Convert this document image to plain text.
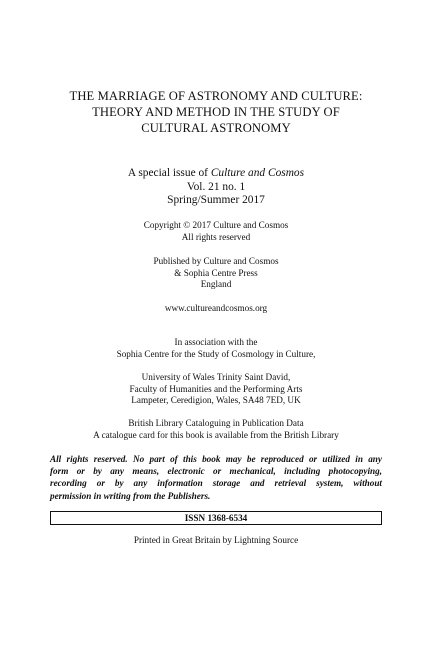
THE MARRIAGE OF ASTRONOMY AND CULTURE:
THEORY AND METHOD IN THE STUDY OF
CULTURAL ASTRONOMY
A special issue of Culture and Cosmos
Vol. 21 no. 1
Spring/Summer 2017
Copyright © 2017 Culture and Cosmos
All rights reserved
Published by Culture and Cosmos
& Sophia Centre Press
England
www.cultureandcosmos.org
In association with the
Sophia Centre for the Study of Cosmology in Culture,
University of Wales Trinity Saint David,
Faculty of Humanities and the Performing Arts
Lampeter, Ceredigion, Wales, SA48 7ED, UK
British Library Cataloguing in Publication Data
A catalogue card for this book is available from the British Library
All rights reserved. No part of this book may be reproduced or utilized in any
form or by any means, electronic or mechanical, including photocopying,
recording or by any information storage and retrieval system, without
permission in writing from the Publishers.
ISSN 1368-6534
Printed in Great Britain by Lightning Source
